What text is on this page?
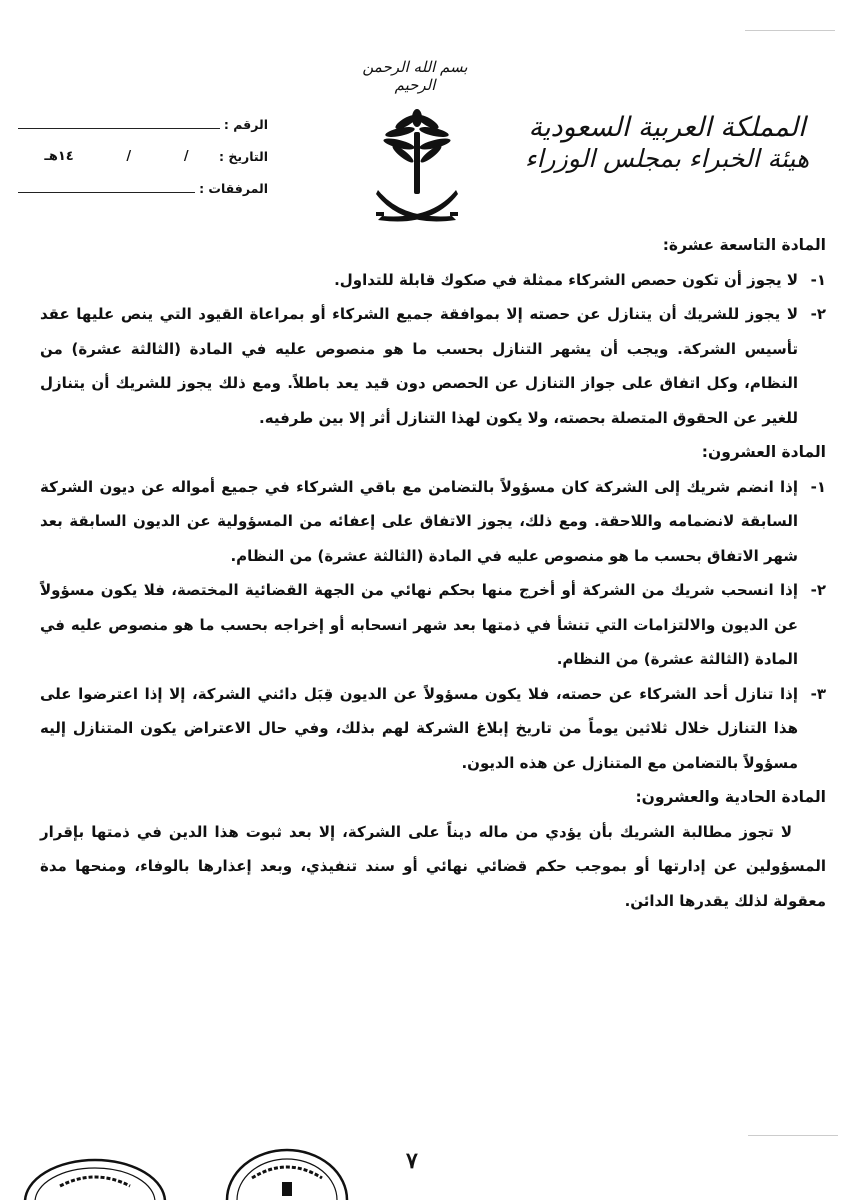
بسم الله الرحمن الرحيم
المملكة العربية السعودية
هيئة الخبراء بمجلس الوزراء
الرقم :
التاريخ :
/
/
١٤هـ
المرفقات :

المادة التاسعة عشرة:

١-
لا يجوز أن تكون حصص الشركاء ممثلة في صكوك قابلة للتداول.
٢-
لا يجوز للشريك أن يتنازل عن حصته إلا بموافقة جميع الشركاء أو بمراعاة القيود التي ينص عليها عقد تأسيس الشركة. ويجب أن يشهر التنازل بحسب ما هو منصوص عليه في المادة (الثالثة عشرة) من النظام، وكل اتفاق على جواز التنازل عن الحصص دون قيد يعد باطلاً. ومع ذلك يجوز للشريك أن يتنازل للغير عن الحقوق المتصلة بحصته، ولا يكون لهذا التنازل أثر إلا بين طرفيه.

المادة العشرون:

١-
إذا انضم شريك إلى الشركة كان مسؤولاً بالتضامن مع باقي الشركاء في جميع أمواله عن ديون الشركة السابقة لانضمامه واللاحقة. ومع ذلك، يجوز الاتفاق على إعفائه من المسؤولية عن الديون السابقة بعد شهر الاتفاق بحسب ما هو منصوص عليه في المادة (الثالثة عشرة) من النظام.
٢-
إذا انسحب شريك من الشركة أو أخرج منها بحكم نهائي من الجهة القضائية المختصة، فلا يكون مسؤولاً عن الديون والالتزامات التي تنشأ في ذمتها بعد شهر انسحابه أو إخراجه بحسب ما هو منصوص عليه في المادة (الثالثة عشرة) من النظام.
٣-
إذا تنازل أحد الشركاء عن حصته، فلا يكون مسؤولاً عن الديون قِبَل دائني الشركة، إلا إذا اعترضوا على هذا التنازل خلال ثلاثين يوماً من تاريخ إبلاغ الشركة لهم بذلك، وفي حال الاعتراض يكون المتنازل إليه مسؤولاً بالتضامن مع المتنازل عن هذه الديون.

المادة الحادية والعشرون:

لا تجوز مطالبة الشريك بأن يؤدي من ماله ديناً على الشركة، إلا بعد ثبوت هذا الدين في ذمتها بإقرار المسؤولين عن إدارتها أو بموجب حكم قضائي نهائي أو سند تنفيذي، وبعد إعذارها بالوفاء، ومنحها مدة معقولة لذلك يقدرها الدائن.

٧
